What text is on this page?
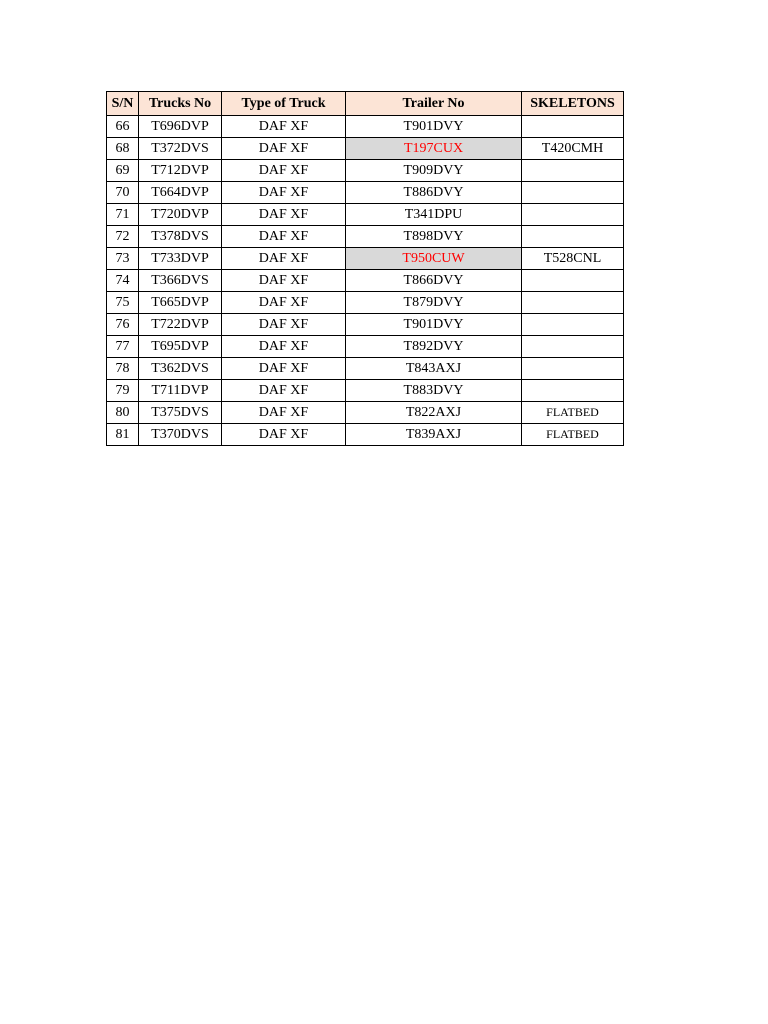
S/N	Trucks No	Type of Truck	Trailer No	SKELETONS
66	T696DVP	DAF XF	T901DVY	
68	T372DVS	DAF XF	T197CUX	T420CMH
69	T712DVP	DAF XF	T909DVY	
70	T664DVP	DAF XF	T886DVY	
71	T720DVP	DAF XF	T341DPU	
72	T378DVS	DAF XF	T898DVY	
73	T733DVP	DAF XF	T950CUW	T528CNL
74	T366DVS	DAF XF	T866DVY	
75	T665DVP	DAF XF	T879DVY	
76	T722DVP	DAF XF	T901DVY	
77	T695DVP	DAF XF	T892DVY	
78	T362DVS	DAF XF	T843AXJ	
79	T711DVP	DAF XF	T883DVY	
80	T375DVS	DAF XF	T822AXJ	FLATBED
81	T370DVS	DAF XF	T839AXJ	FLATBED
